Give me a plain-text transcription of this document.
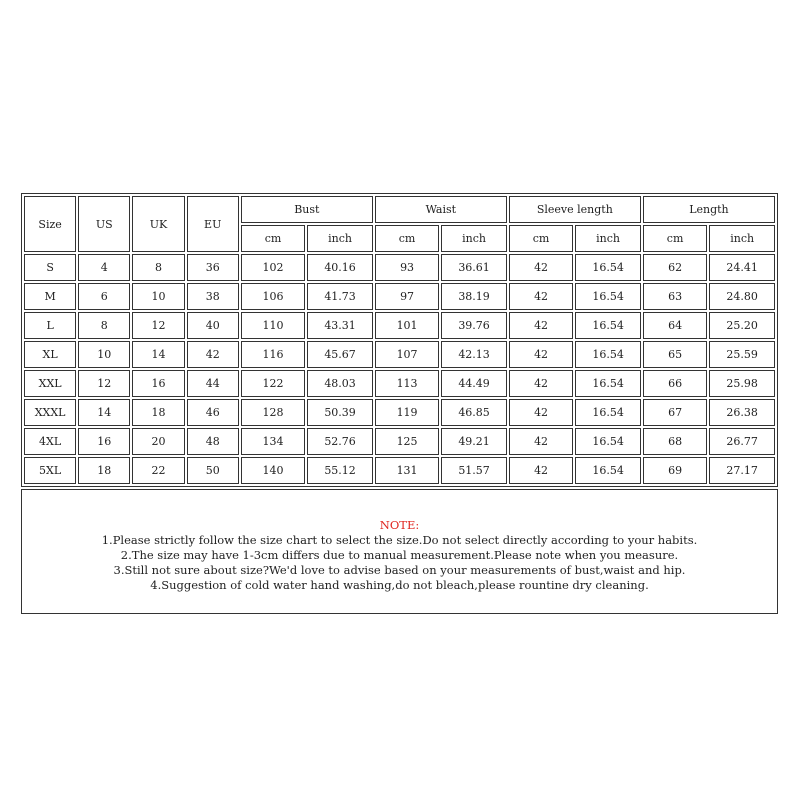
Size	US	UK	EU	Bust		Waist		Sleeve length		Length	
				cm	inch	cm	inch	cm	inch	cm	inch
S	4	8	36	102	40.16	93	36.61	42	16.54	62	24.41
M	6	10	38	106	41.73	97	38.19	42	16.54	63	24.80
L	8	12	40	110	43.31	101	39.76	42	16.54	64	25.20
XL	10	14	42	116	45.67	107	42.13	42	16.54	65	25.59
XXL	12	16	44	122	48.03	113	44.49	42	16.54	66	25.98
XXXL	14	18	46	128	50.39	119	46.85	42	16.54	67	26.38
4XL	16	20	48	134	52.76	125	49.21	42	16.54	68	26.77
5XL	18	22	50	140	55.12	131	51.57	42	16.54	69	27.17
NOTE:
1.Please strictly follow the size chart to select the size.Do not select directly according to your habits.
2.The size may have 1-3cm differs due to manual measurement.Please note when you measure.
3.Still not sure about size?We'd love to advise based on your measurements of bust,waist and hip.
4.Suggestion of cold water hand washing,do not bleach,please rountine dry cleaning.
